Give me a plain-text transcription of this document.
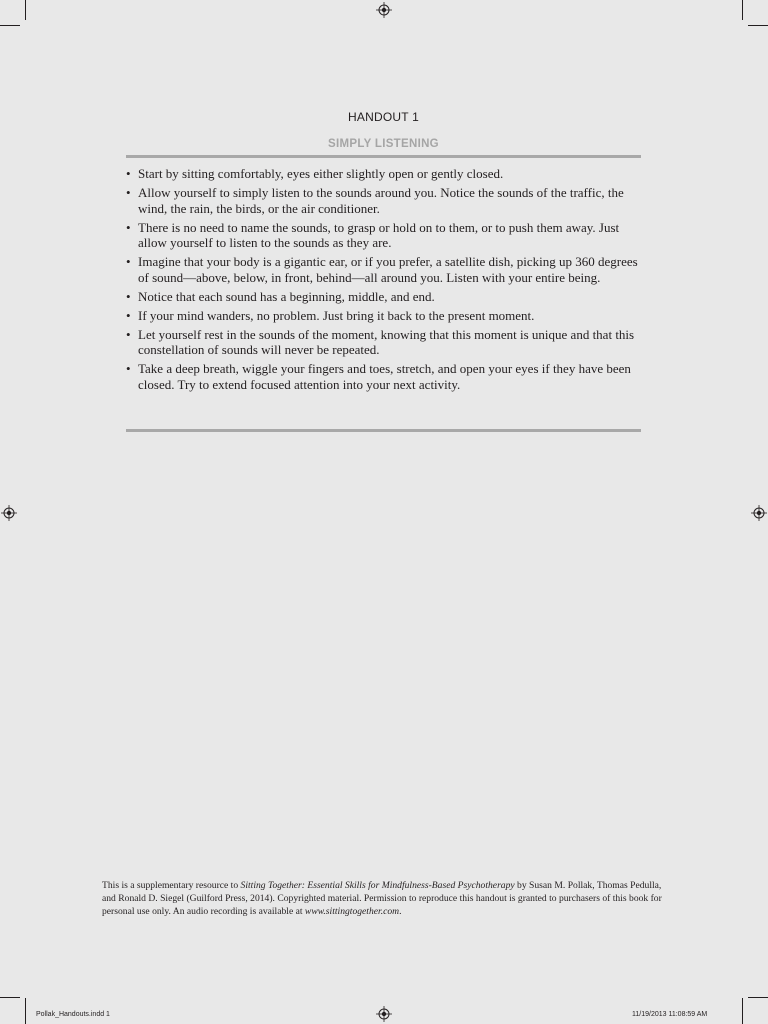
HANDOUT 1
SIMPLY LISTENING
• Start by sitting comfortably, eyes either slightly open or gently closed.
• Allow yourself to simply listen to the sounds around you. Notice the sounds of the traffic, the wind, the rain, the birds, or the air conditioner.
• There is no need to name the sounds, to grasp or hold on to them, or to push them away. Just allow yourself to listen to the sounds as they are.
• Imagine that your body is a gigantic ear, or if you prefer, a satellite dish, picking up 360 degrees of sound—above, below, in front, behind—all around you. Listen with your entire being.
• Notice that each sound has a beginning, middle, and end.
• If your mind wanders, no problem. Just bring it back to the present moment.
• Let yourself rest in the sounds of the moment, knowing that this moment is unique and that this constellation of sounds will never be repeated.
• Take a deep breath, wiggle your fingers and toes, stretch, and open your eyes if they have been closed. Try to extend focused attention into your next activity.
This is a supplementary resource to Sitting Together: Essential Skills for Mindfulness-Based Psychotherapy by Susan M. Pollak, Thomas Pedulla, and Ronald D. Siegel (Guilford Press, 2014). Copyrighted material. Permission to reproduce this handout is granted to purchasers of this book for personal use only. An audio recording is available at www.sittingtogether.com.
Pollak_Handouts.indd 1	11/19/2013 11:08:59 AM
